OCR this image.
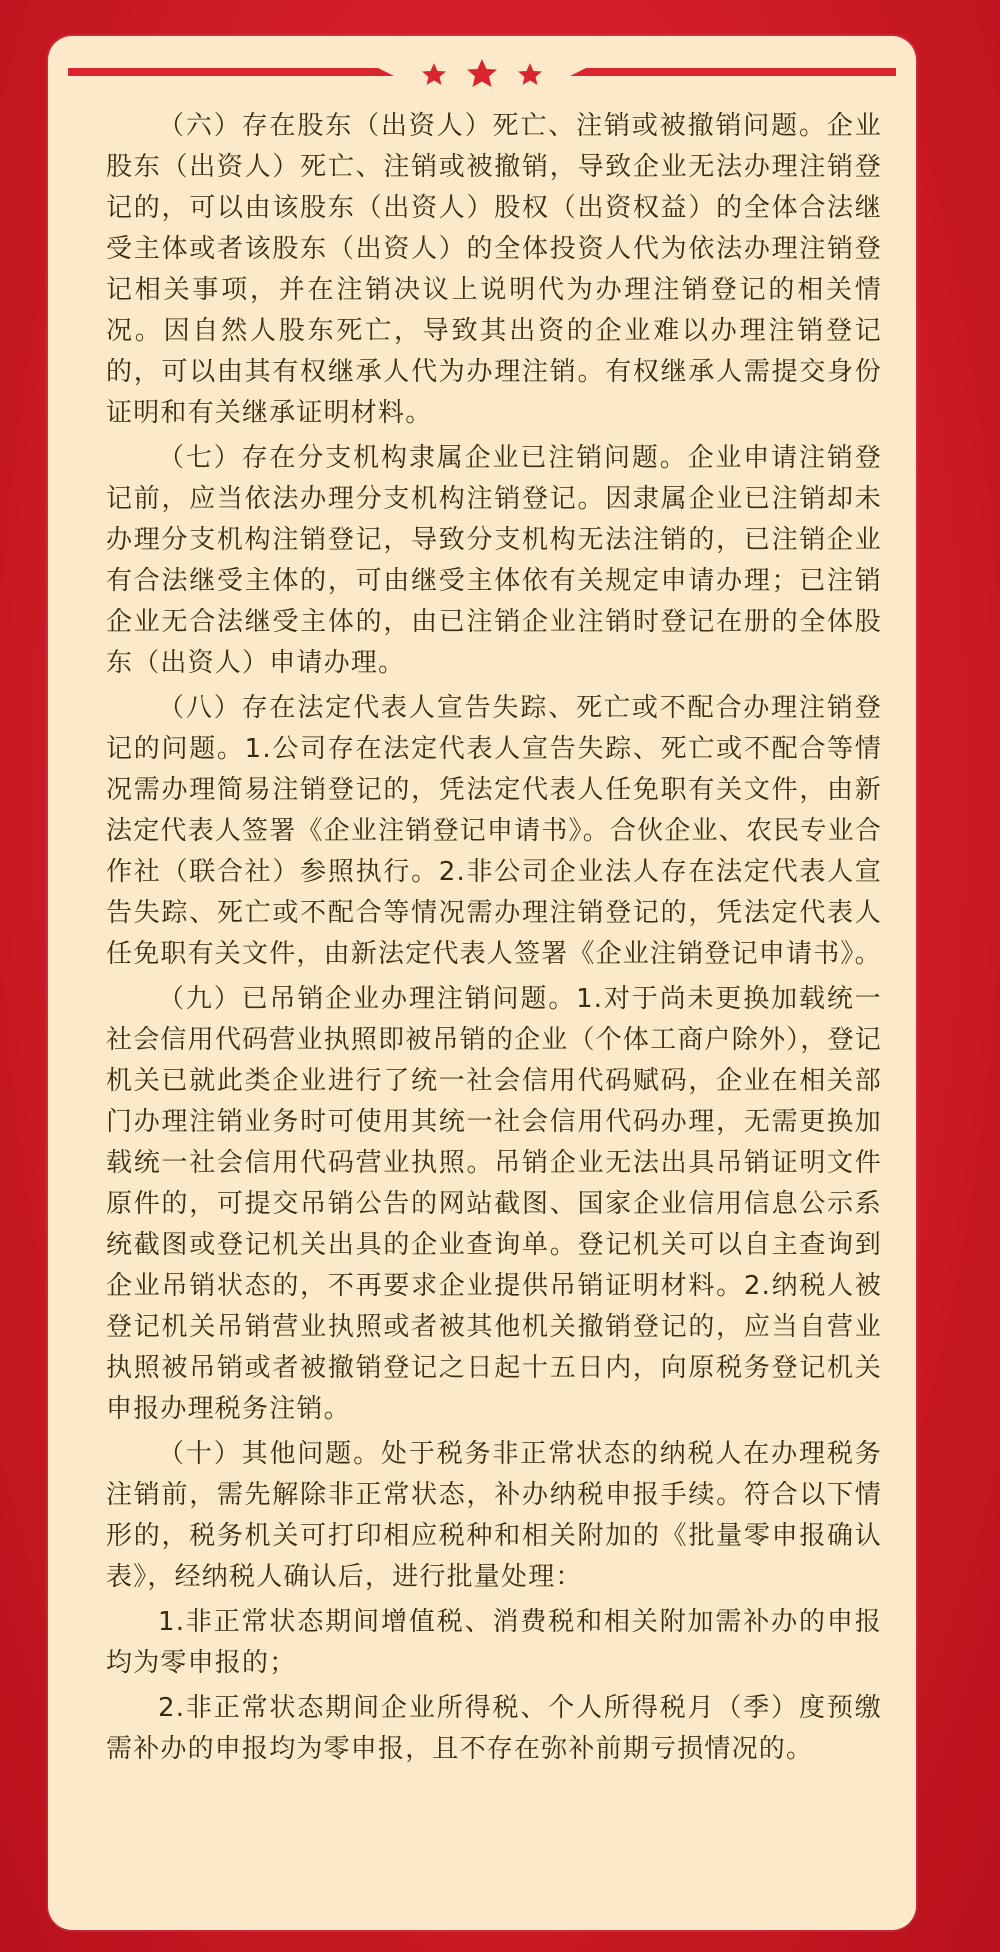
（六）存在股东（出资人）死亡、注销或被撤销问题。企业股东（出资人）死亡、注销或被撤销，导致企业无法办理注销登记的，可以由该股东（出资人）股权（出资权益）的全体合法继受主体或者该股东（出资人）的全体投资人代为依法办理注销登记相关事项，并在注销决议上说明代为办理注销登记的相关情况。因自然人股东死亡，导致其出资的企业难以办理注销登记的，可以由其有权继承人代为办理注销。有权继承人需提交身份证明和有关继承证明材料。

（七）存在分支机构隶属企业已注销问题。企业申请注销登记前，应当依法办理分支机构注销登记。因隶属企业已注销却未办理分支机构注销登记，导致分支机构无法注销的，已注销企业有合法继受主体的，可由继受主体依有关规定申请办理；已注销企业无合法继受主体的，由已注销企业注销时登记在册的全体股东（出资人）申请办理。

（八）存在法定代表人宣告失踪、死亡或不配合办理注销登记的问题。1.公司存在法定代表人宣告失踪、死亡或不配合等情况需办理简易注销登记的，凭法定代表人任免职有关文件，由新法定代表人签署《企业注销登记申请书》。合伙企业、农民专业合作社（联合社）参照执行。2.非公司企业法人存在法定代表人宣告失踪、死亡或不配合等情况需办理注销登记的，凭法定代表人任免职有关文件，由新法定代表人签署《企业注销登记申请书》。

（九）已吊销企业办理注销问题。1.对于尚未更换加载统一社会信用代码营业执照即被吊销的企业（个体工商户除外），登记机关已就此类企业进行了统一社会信用代码赋码，企业在相关部门办理注销业务时可使用其统一社会信用代码办理，无需更换加载统一社会信用代码营业执照。吊销企业无法出具吊销证明文件原件的，可提交吊销公告的网站截图、国家企业信用信息公示系统截图或登记机关出具的企业查询单。登记机关可以自主查询到企业吊销状态的，不再要求企业提供吊销证明材料。2.纳税人被登记机关吊销营业执照或者被其他机关撤销登记的，应当自营业执照被吊销或者被撤销登记之日起十五日内，向原税务登记机关申报办理税务注销。

（十）其他问题。处于税务非正常状态的纳税人在办理税务注销前，需先解除非正常状态，补办纳税申报手续。符合以下情形的，税务机关可打印相应税种和相关附加的《批量零申报确认表》，经纳税人确认后，进行批量处理：

1.非正常状态期间增值税、消费税和相关附加需补办的申报均为零申报的；

2.非正常状态期间企业所得税、个人所得税月（季）度预缴需补办的申报均为零申报，且不存在弥补前期亏损情况的。
